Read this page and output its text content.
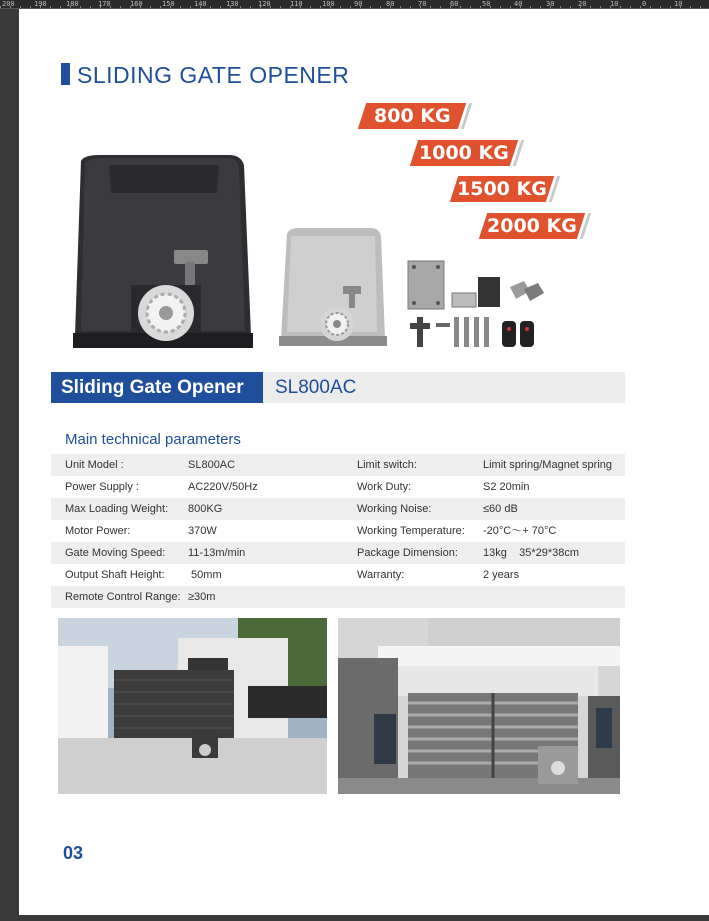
200	190	180	170	160	150	140	130	120	110	100	90	80	70	60	50	40	30	20	10	0	10
SLIDING GATE OPENER
800 KG
1000 KG
1500 KG
2000 KG
Sliding Gate Opener	SL800AC
Main technical parameters
Unit Model :	SL800AC	Limit switch:	Limit spring/Magnet spring
Power Supply :	AC220V/50Hz	Work Duty:	S2 20min
Max Loading Weight: 800KG	Working Noise:	≤60 dB
Motor Power:	370W	Working Temperature: -20°C～+ 70°C
Gate Moving Speed: 11-13m/min	Package Dimension: 13kg    35*29*38cm
Output Shaft Height: 50mm	Warranty:	2 years
Remote Control Range: ≥30m
03
